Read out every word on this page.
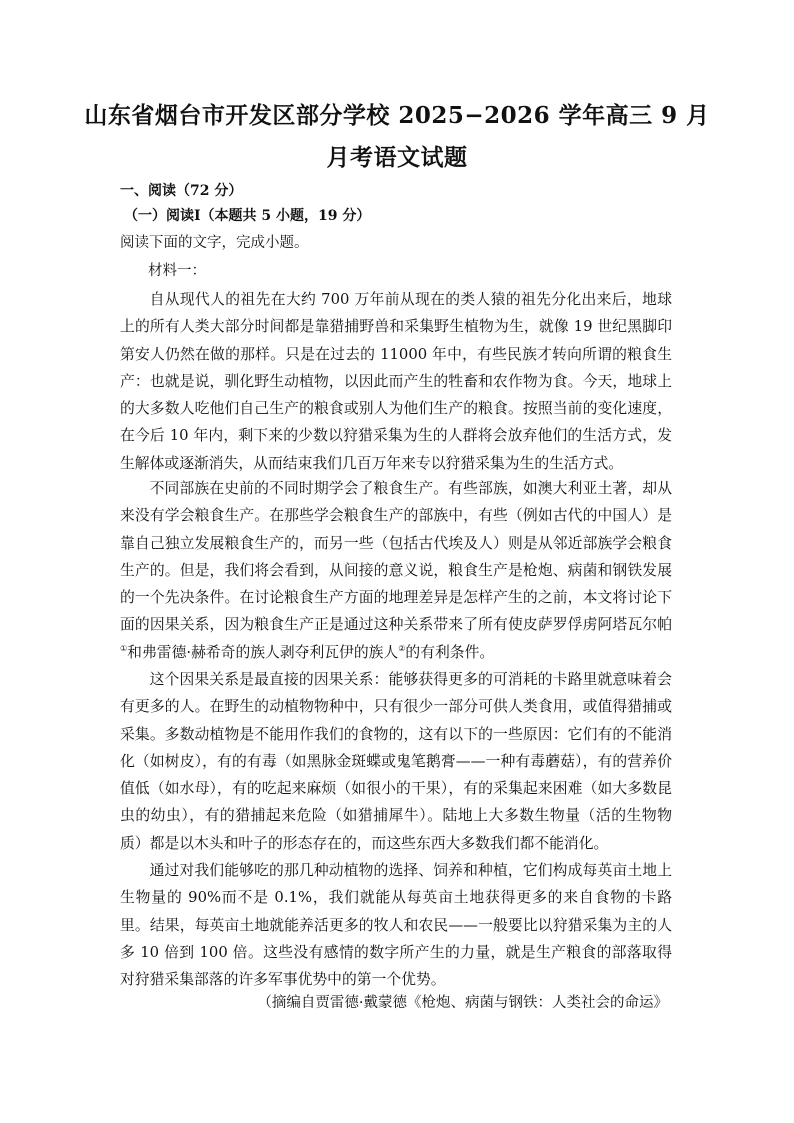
山东省烟台市开发区部分学校 2025−2026 学年高三 9 月
月考语文试题
一、阅读（72 分）
（一）阅读Ⅰ（本题共 5 小题，19 分）
阅读下面的文字，完成小题。
材料一：

自从现代人的祖先在大约 700 万年前从现在的类人猿的祖先分化出来后，地球上的所有人类大部分时间都是靠猎捕野兽和采集野生植物为生，就像 19 世纪黑脚印第安人仍然在做的那样。只是在过去的 11000 年中，有些民族才转向所谓的粮食生产：也就是说，驯化野生动植物，以因此而产生的牲畜和农作物为食。今天，地球上的大多数人吃他们自己生产的粮食或别人为他们生产的粮食。按照当前的变化速度，在今后 10 年内，剩下来的少数以狩猎采集为生的人群将会放弃他们的生活方式，发生解体或逐渐消失，从而结束我们几百万年来专以狩猎采集为生的生活方式。

不同部族在史前的不同时期学会了粮食生产。有些部族，如澳大利亚土著，却从来没有学会粮食生产。在那些学会粮食生产的部族中，有些（例如古代的中国人）是靠自己独立发展粮食生产的，而另一些（包括古代埃及人）则是从邻近部族学会粮食生产的。但是，我们将会看到，从间接的意义说，粮食生产是枪炮、病菌和钢铁发展的一个先决条件。在讨论粮食生产方面的地理差异是怎样产生的之前，本文将讨论下面的因果关系，因为粮食生产正是通过这种关系带来了所有使皮萨罗俘虏阿塔瓦尔帕①和弗雷德·赫希奇的族人剥夺利瓦伊的族人②的有利条件。

这个因果关系是最直接的因果关系：能够获得更多的可消耗的卡路里就意味着会有更多的人。在野生的动植物物种中，只有很少一部分可供人类食用，或值得猎捕或采集。多数动植物是不能用作我们的食物的，这有以下的一些原因：它们有的不能消化（如树皮），有的有毒（如黑脉金斑蝶或鬼笔鹅膏——一种有毒蘑菇），有的营养价值低（如水母），有的吃起来麻烦（如很小的干果），有的采集起来困难（如大多数昆虫的幼虫），有的猎捕起来危险（如猎捕犀牛）。陆地上大多数生物量（活的生物物质）都是以木头和叶子的形态存在的，而这些东西大多数我们都不能消化。

通过对我们能够吃的那几种动植物的选择、饲养和种植，它们构成每英亩土地上生物量的 90%而不是 0.1%，我们就能从每英亩土地获得更多的来自食物的卡路里。结果，每英亩土地就能养活更多的牧人和农民——一般要比以狩猎采集为主的人多 10 倍到 100 倍。这些没有感情的数字所产生的力量，就是生产粮食的部落取得对狩猎采集部落的许多军事优势中的第一个优势。

（摘编自贾雷德·戴蒙德《枪炮、病菌与钢铁：人类社会的命运》
